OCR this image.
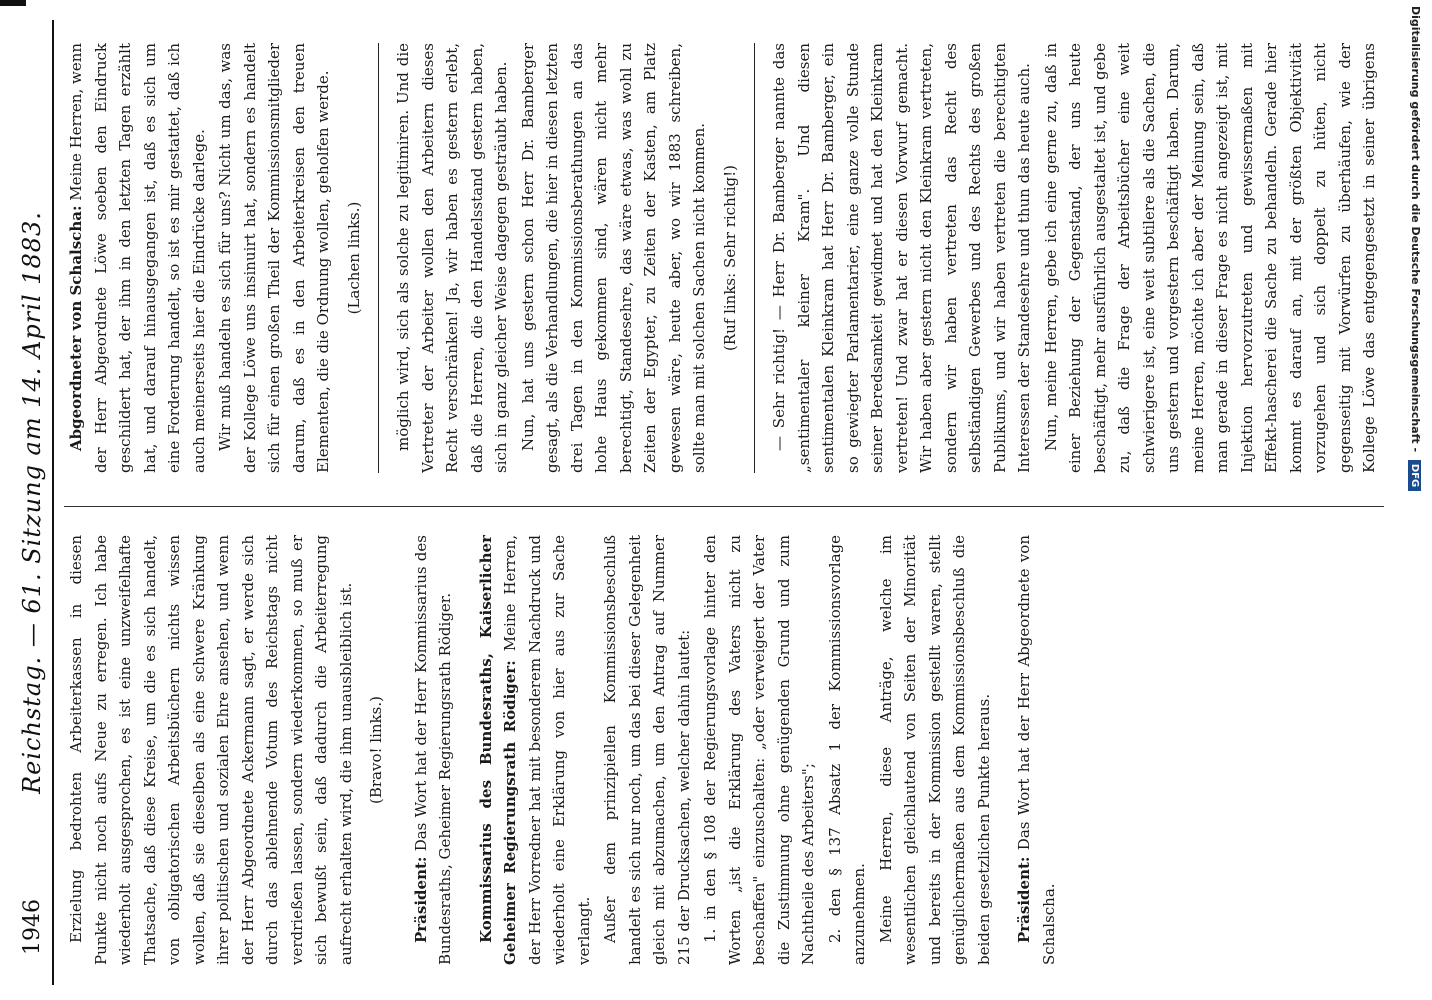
1946
Reichstag. — 61. Sitzung am 14. April 1883. Erzielung bedrohten Arbeiterkassen in diesen Punkte nicht noch aufs Neue zu erregen. Ich habe wiederholt ausgesprochen, es ist eine unzweifelhafte Thatsache, daß diese Kreise, um die es sich handelt, von obligatorischen Arbeitsbüchern nichts wissen wollen, daß sie dieselben als eine schwere Kränkung ihrer politischen und sozialen Ehre ansehen, und wenn der Herr Abgeordnete Ackermann sagt, er werde sich durch das ablehnende Votum des Reichstags nicht verdrießen lassen, sondern wiederkommen, so muß er sich bewußt sein, daß dadurch die Arbeiterregung aufrecht erhalten wird, die ihm unausbleiblich ist. (Bravo! links.)

Präsident: Das Wort hat der Herr Kommissarius des Bundesraths, Geheimer Regierungsrath Rödiger. Kommissarius des Bundesraths, Kaiserlicher Geheimer Regierungsrath Rödiger: Meine Herren, der Herr Vorredner hat mit besonderem Nachdruck und wiederholt eine Erklärung von hier aus zur Sache verlangt. Außer dem prinzipiellen Kommissionsbeschluß handelt es sich nur noch, um das bei dieser Gelegenheit gleich mit abzumachen, um den Antrag auf Nummer 215 der Drucksachen, welcher dahin lautet: 1. in den § 108 der Regierungsvorlage hinter den Worten „ist die Erklärung des Vaters nicht zu beschaffen" einzuschalten: „oder verweigert der Vater die Zustimmung ohne genügenden Grund und zum Nachtheile des Arbeiters"; 2. den § 137 Absatz 1 der Kommissionsvorlage anzunehmen. Meine Herren, diese Anträge, welche im wesentlichen gleichlautend von Seiten der Minorität und bereits in der Kommission gestellt waren, stellt genüglichermaßen aus dem Kommissionsbeschluß die beiden gesetzlichen Punkte heraus. Präsident: Das Wort hat der Herr Abgeordnete von Schalscha.

Abgeordneter von Schalscha: Meine Herren, wenn der Herr Abgeordnete Löwe soeben den Eindruck geschildert hat, der ihm in den letzten Tagen erzählt hat, und darauf hinausgegangen ist, daß es sich um eine Forderung handelt, so ist es mir gestattet, daß ich auch meinerseits hier die Eindrücke darlege. Wir muß handeln es sich für uns? Nicht um das, was der Kollege Löwe uns insinuirt hat, sondern es handelt sich für einen großen Theil der Kommissionsmitglieder darum, daß es in den Arbeiterkreisen den treuen Elementen, die die Ordnung wollen, geholfen werde. (Lachen links.) möglich wird, sich als solche zu legitimiren. Und die Vertreter der Arbeiter wollen den Arbeitern dieses Recht verschränken! Ja, wir haben es gestern erlebt, daß die Herren, die den Handelsstand gestern haben, sich in ganz gleicher Weise dagegen gesträubt haben. Nun, hat uns gestern schon Herr Dr. Bamberger gesagt, als die Verhandlungen, die hier in diesen letzten drei Tagen in den Kommissionsberathungen an das hohe Haus gekommen sind, wären nicht mehr berechtigt, Standesehre, das wäre etwas, was wohl zu Zeiten der Egypter, zu Zeiten der Kasten, am Platz gewesen wäre, heute aber, wo wir 1883 schreiben, sollte man mit solchen Sachen nicht kommen. (Ruf links: Sehr richtig!) — Sehr richtig! — Herr Dr. Bamberger nannte das „sentimentaler kleiner Kram". Und diesen sentimentalen Kleinkram hat Herr Dr. Bamberger, ein so gewiegter Parlamentarier, eine ganze volle Stunde seiner Beredsamkeit gewidmet und hat den Kleinkram vertreten! Und zwar hat er diesen Vorwurf gemacht. Wir haben aber gestern nicht den Kleinkram vertreten, sondern wir haben vertreten das Recht des selbständigen Gewerbes und des Rechts des großen Publikums, und wir haben vertreten die berechtigten Interessen der Standesehre und thun das heute auch. Nun, meine Herren, gebe ich eine gerne zu, daß in einer Beziehung der Gegenstand, der uns heute beschäftigt, mehr ausführlich ausgestaltet ist, und gebe zu, daß die Frage der Arbeitsbücher eine weit schwierigere ist, eine weit subtilere als die Sachen, die uns gestern und vorgestern beschäftigt haben. Darum, meine Herren, möchte ich aber der Meinung sein, daß man gerade in dieser Frage es nicht angezeigt ist, mit Injektion hervorzutreten und gewissermaßen mit Effekt-hascherei die Sache zu behandeln. Gerade hier kommt es darauf an, mit der größten Objektivität vorzugehen und sich doppelt zu hüten, nicht gegenseitig mit Vorwürfen zu überhäufen, wie der Kollege Löwe das entgegengesetzt in seiner übrigens	Digitalisierung gefördert durch die Deutsche Forschungsgemeinschaft - DFG
